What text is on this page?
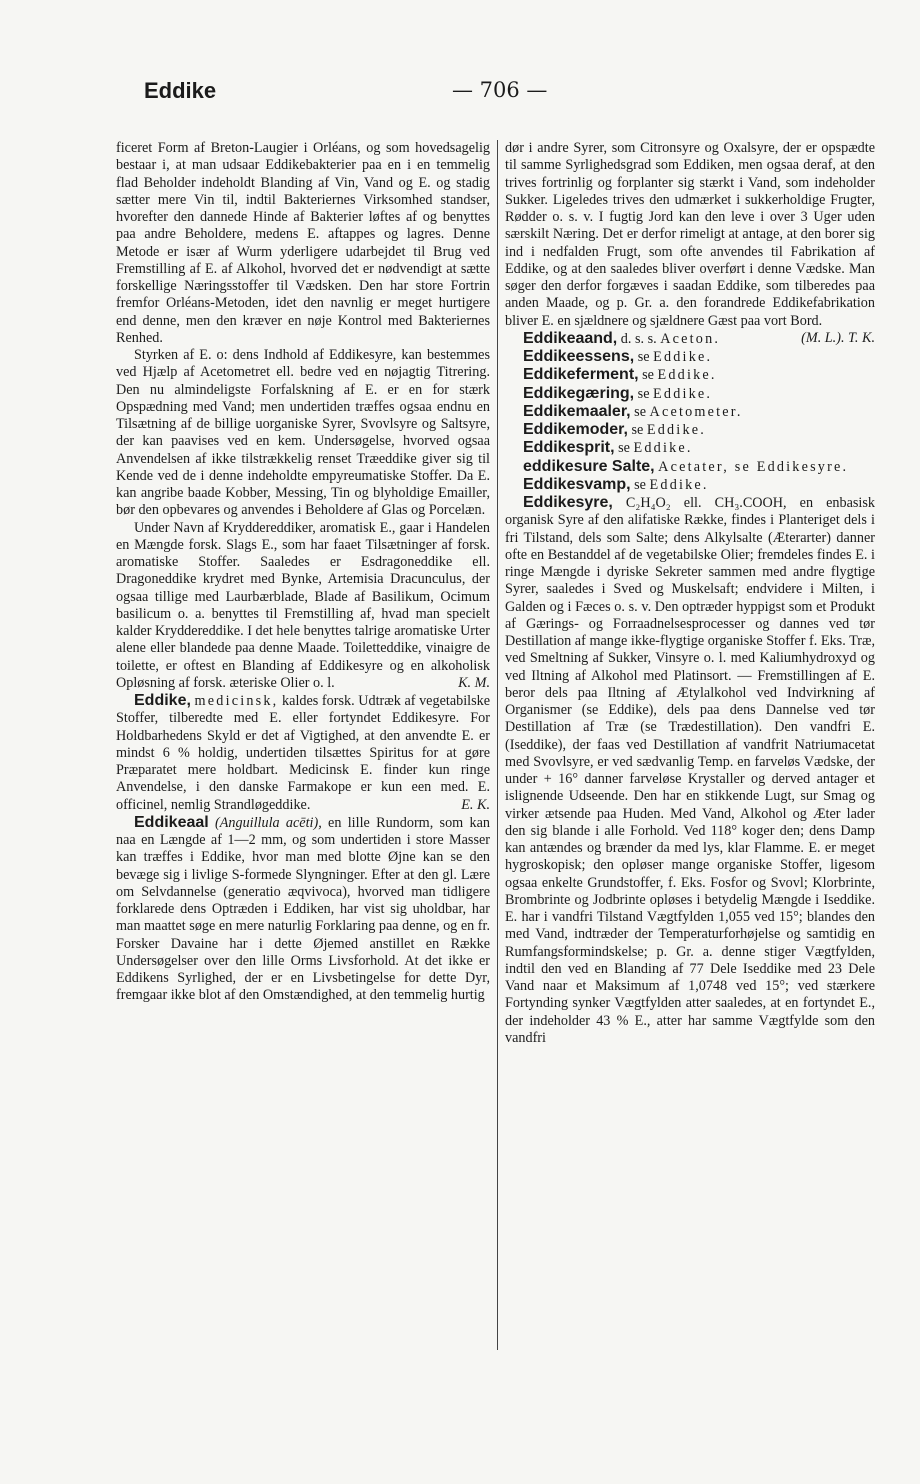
Eddike	— 706 —

ficeret Form af Breton-Laugier i Orléans, og som hovedsagelig bestaar i, at man udsaar Eddikebakterier paa en i en temmelig flad Beholder indeholdt Blanding af Vin, Vand og E. og stadig sætter mere Vin til, indtil Bakteriernes Virksomhed standser, hvorefter den dannede Hinde af Bakterier løftes af og benyttes paa andre Beholdere, medens E. aftappes og lagres. Denne Metode er især af Wurm yderligere udarbejdet til Brug ved Fremstilling af E. af Alkohol, hvorved det er nødvendigt at sætte forskellige Næringsstoffer til Vædsken. Den har store Fortrin fremfor Orléans-Metoden, idet den navnlig er meget hurtigere end denne, men den kræver en nøje Kontrol med Bakteriernes Renhed.

Styrken af E. o: dens Indhold af Eddikesyre, kan bestemmes ved Hjælp af Acetometret ell. bedre ved en nøjagtig Titrering. Den nu almindeligste Forfalskning af E. er en for stærk Opspædning med Vand; men undertiden træffes ogsaa endnu en Tilsætning af de billige uorganiske Syrer, Svovlsyre og Saltsyre, der kan paavises ved en kem. Undersøgelse, hvorved ogsaa Anvendelsen af ikke tilstrækkelig renset Træeddike giver sig til Kende ved de i denne indeholdte empyreumatiske Stoffer. Da E. kan angribe baade Kobber, Messing, Tin og blyholdige Emailler, bør den opbevares og anvendes i Beholdere af Glas og Porcelæn.

Under Navn af Kryddereddiker, aromatisk E., gaar i Handelen en Mængde forsk. Slags E., som har faaet Tilsætninger af forsk. aromatiske Stoffer. Saaledes er Esdragoneddike ell. Dragoneddike krydret med Bynke, Artemisia Dracunculus, der ogsaa tillige med Laurbærblade, Blade af Basilikum, Ocimum basilicum o. a. benyttes til Fremstilling af, hvad man specielt kalder Kryddereddike. I det hele benyttes talrige aromatiske Urter alene eller blandede paa denne Maade. Toiletteddike, vinaigre de toilette, er oftest en Blanding af Eddikesyre og en alkoholisk Opløsning af forsk. æteriske Olier o. l.	K. M.

Eddike, medicinsk, kaldes forsk. Udtræk af vegetabilske Stoffer, tilberedte med E. eller fortyndet Eddikesyre. For Holdbarhedens Skyld er det af Vigtighed, at den anvendte E. er mindst 6 % holdig, undertiden tilsættes Spiritus for at gøre Præparatet mere holdbart. Medicinsk E. finder kun ringe Anvendelse, i den danske Farmakope er kun een med. E. officinel, nemlig Strandløgeddike.	E. K.

Eddikeaal (Anguillula acēti), en lille Rundorm, som kan naa en Længde af 1—2 mm, og som undertiden i store Masser kan træffes i Eddike, hvor man med blotte Øjne kan se den bevæge sig i livlige S-formede Slyngninger. Efter at den gl. Lære om Selvdannelse (generatio æqvivoca), hvorved man tidligere forklarede dens Optræden i Eddiken, har vist sig uholdbar, har man maattet søge en mere naturlig Forklaring paa denne, og en fr. Forsker Davaine har i dette Øjemed anstillet en Række Undersøgelser over den lille Orms Livsforhold. At det ikke er Eddikens Syrlighed, der er en Livsbetingelse for dette Dyr, fremgaar ikke blot af den Omstændighed, at den temmelig hurtig

dør i andre Syrer, som Citronsyre og Oxalsyre, der er opspædte til samme Syrlighedsgrad som Eddiken, men ogsaa deraf, at den trives fortrinlig og forplanter sig stærkt i Vand, som indeholder Sukker. Ligeledes trives den udmærket i sukkerholdige Frugter, Rødder o. s. v. I fugtig Jord kan den leve i over 3 Uger uden særskilt Næring. Det er derfor rimeligt at antage, at den borer sig ind i nedfalden Frugt, som ofte anvendes til Fabrikation af Eddike, og at den saaledes bliver overført i denne Vædske. Man søger den derfor forgæves i saadan Eddike, som tilberedes paa anden Maade, og p. Gr. a. den forandrede Eddikefabrikation bliver E. en sjældnere og sjældnere Gæst paa vort Bord.
(M. L.). T. K.

Eddikeaand, d. s. s. Aceton.

Eddikeessens, se Eddike.

Eddikeferment, se Eddike.

Eddikegæring, se Eddike.

Eddikemaaler, se Acetometer.

Eddikemoder, se Eddike.

Eddikesprit, se Eddike.

eddikesure Salte, Acetater, se Eddikesyre.

Eddikesvamp, se Eddike.

Eddikesyre, C₂H₄O₂ ell. CH₃.COOH, en enbasisk organisk Syre af den alifatiske Række, findes i Planteriget dels i fri Tilstand, dels som Salte; dens Alkylsalte (Æterarter) danner ofte en Bestanddel af de vegetabilske Olier; fremdeles findes E. i ringe Mængde i dyriske Sekreter sammen med andre flygtige Syrer, saaledes i Sved og Muskelsaft; endvidere i Milten, i Galden og i Fæces o. s. v. Den optræder hyppigst som et Produkt af Gærings- og Forraadnelsesprocesser og dannes ved tør Destillation af mange ikke-flygtige organiske Stoffer f. Eks. Træ, ved Smeltning af Sukker, Vinsyre o. l. med Kaliumhydroxyd og ved Iltning af Alkohol med Platinsort. — Fremstillingen af E. beror dels paa Iltning af Ætylalkohol ved Indvirkning af Organismer (se Eddike), dels paa dens Dannelse ved tør Destillation af Træ (se Trædestillation). Den vandfri E. (Iseddike), der faas ved Destillation af vandfrit Natriumacetat med Svovlsyre, er ved sædvanlig Temp. en farveløs Vædske, der under + 16° danner farveløse Krystaller og derved antager et islignende Udseende. Den har en stikkende Lugt, sur Smag og virker ætsende paa Huden. Med Vand, Alkohol og Æter lader den sig blande i alle Forhold. Ved 118° koger den; dens Damp kan antændes og brænder da med lys, klar Flamme. E. er meget hygroskopisk; den opløser mange organiske Stoffer, ligesom ogsaa enkelte Grundstoffer, f. Eks. Fosfor og Svovl; Klorbrinte, Brombrinte og Jodbrinte opløses i betydelig Mængde i Iseddike. E. har i vandfri Tilstand Vægtfylden 1,055 ved 15°; blandes den med Vand, indtræder der Temperaturforhøjelse og samtidig en Rumfangsformindskelse; p. Gr. a. denne stiger Vægtfylden, indtil den ved en Blanding af 77 Dele Iseddike med 23 Dele Vand naar et Maksimum af 1,0748 ved 15°; ved stærkere Fortynding synker Vægtfylden atter saaledes, at en fortyndet E., der indeholder 43 % E., atter har samme Vægtfylde som den vandfri
